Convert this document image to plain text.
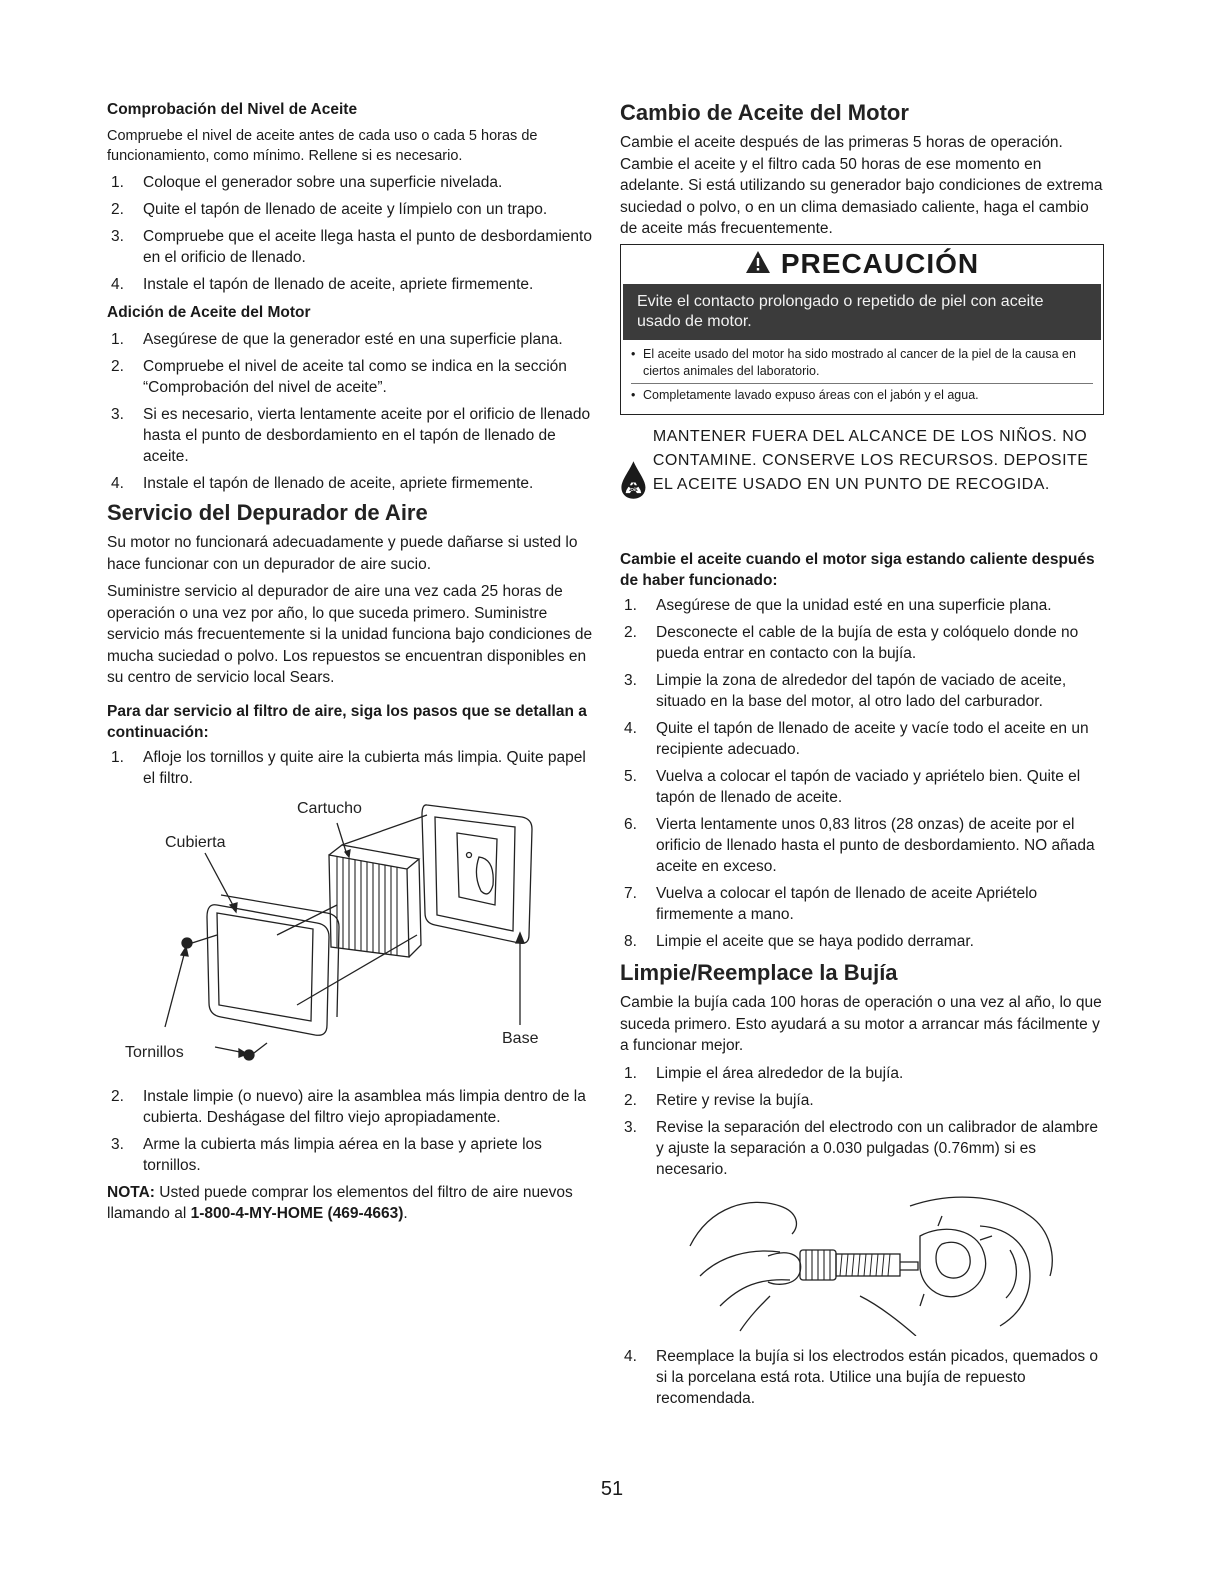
Comprobación del Nivel de Aceite
Compruebe el nivel de aceite antes de cada uso o cada 5 horas de funcionamiento, como mínimo. Rellene si es necesario.
1. Coloque el generador sobre una superficie nivelada.
2. Quite el tapón de llenado de aceite y límpielo con un trapo.
3. Compruebe que el aceite llega hasta el punto de desbordamiento en el orificio de llenado.
4. Instale el tapón de llenado de aceite, apriete firmemente.
Adición de Aceite del Motor
1. Asegúrese de que la generador esté en una superficie plana.
2. Compruebe el nivel de aceite tal como se indica en la sección “Comprobación del nivel de aceite”.
3. Si es necesario, vierta lentamente aceite por el orificio de llenado hasta el punto de desbordamiento en el tapón de llenado de aceite.
4. Instale el tapón de llenado de aceite, apriete firmemente.
Servicio del Depurador de Aire
Su motor no funcionará adecuadamente y puede dañarse si usted lo hace funcionar con un depurador de aire sucio.
Suministre servicio al depurador de aire una vez cada 25 horas de operación o una vez por año, lo que suceda primero. Suministre servicio más frecuentemente si la unidad funciona bajo condiciones de mucha suciedad o polvo. Los repuestos se encuentran disponibles en su centro de servicio local Sears.
Para dar servicio al filtro de aire, siga los pasos que se detallan a continuación:
1. Afloje los tornillos y quite aire la cubierta más limpia. Quite papel el filtro.
Cartucho
Cubierta
Tornillos
Base
2. Instale limpie (o nuevo) aire la asamblea más limpia dentro de la cubierta. Deshágase del filtro viejo apropiadamente.
3. Arme la cubierta más limpia aérea en la base y apriete los tornillos.
NOTA: Usted puede comprar los elementos del filtro de aire nuevos llamando al 1-800-4-MY-HOME (469-4663).
Cambio de Aceite del Motor
Cambie el aceite después de las primeras 5 horas de operación. Cambie el aceite y el filtro cada 50 horas de ese momento en adelante. Si está utilizando su generador bajo condiciones de extrema suciedad o polvo, o en un clima demasiado caliente, haga el cambio de aceite más frecuentemente.
PRECAUCIÓN
Evite el contacto prolongado o repetido de piel con aceite usado de motor.
• El aceite usado del motor ha sido mostrado al cancer de la piel de la causa en ciertos animales del laboratorio.
• Completamente lavado expuso áreas con el jabón y el agua.
Oil
MANTENER FUERA DEL ALCANCE DE LOS NIÑOS. NO CONTAMINE. CONSERVE LOS RECURSOS. DEPOSITE EL ACEITE USADO EN UN PUNTO DE RECOGIDA.
Cambie el aceite cuando el motor siga estando caliente después de haber funcionado:
1. Asegúrese de que la unidad esté en una superficie plana.
2. Desconecte el cable de la bujía de esta y colóquelo donde no pueda entrar en contacto con la bujía.
3. Limpie la zona de alrededor del tapón de vaciado de aceite, situado en la base del motor, al otro lado del carburador.
4. Quite el tapón de llenado de aceite y vacíe todo el aceite en un recipiente adecuado.
5. Vuelva a colocar el tapón de vaciado y apriételo bien. Quite el tapón de llenado de aceite.
6. Vierta lentamente unos 0,83 litros (28 onzas) de aceite por el orificio de llenado hasta el punto de desbordamiento. NO añada aceite en exceso.
7. Vuelva a colocar el tapón de llenado de aceite Apriételo firmemente a mano.
8. Limpie el aceite que se haya podido derramar.
Limpie/Reemplace la Bujía
Cambie la bujía cada 100 horas de operación o una vez al año, lo que suceda primero. Esto ayudará a su motor a arrancar más fácilmente y a funcionar mejor.
1. Limpie el área alrededor de la bujía.
2. Retire y revise la bujía.
3. Revise la separación del electrodo con un calibrador de alambre y ajuste la separación a 0.030 pulgadas (0.76mm) si es necesario.
4. Reemplace la bujía si los electrodos están picados, quemados o si la porcelana está rota. Utilice una bujía de repuesto recomendada.
51
